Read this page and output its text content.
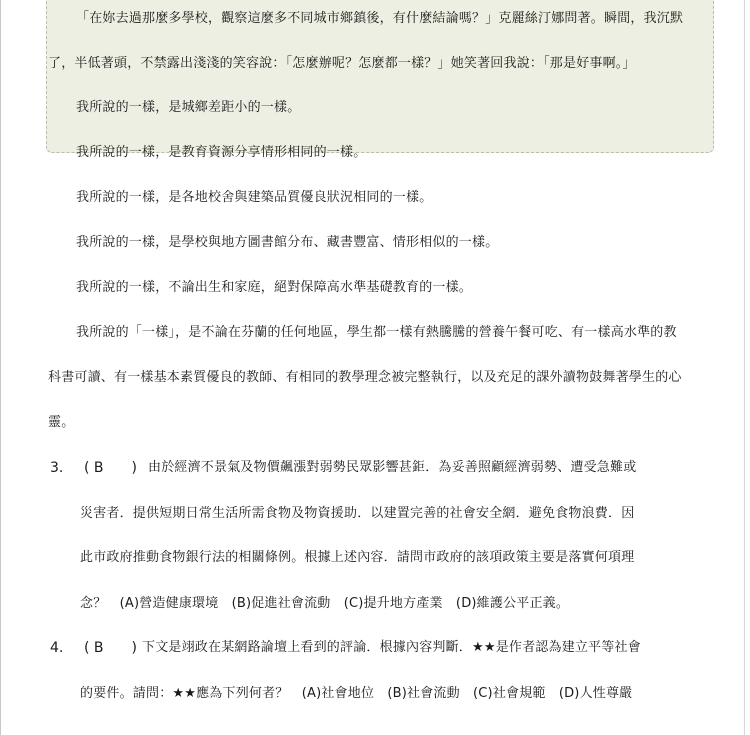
「在妳去過那麼多學校，觀察這麼多不同城市鄉鎮後，有什麼結論嗎？」克麗絲汀娜問著。瞬間，我沉默
了，半低著頭，不禁露出淺淺的笑容說：「怎麼辦呢？怎麼都一樣？」她笑著回我說：「那是好事啊。」
我所說的一樣，是城鄉差距小的一樣。
我所說的一樣，是教育資源分享情形相同的一樣。
我所說的一樣，是各地校舍與建築品質優良狀況相同的一樣。
我所說的一樣，是學校與地方圖書館分布、藏書豐富、情形相似的一樣。
我所說的一樣，不論出生和家庭，絕對保障高水準基礎教育的一樣。
我所說的「一樣」，是不論在芬蘭的任何地區，學生都一樣有熱騰騰的營養午餐可吃、有一樣高水準的教
科書可讀、有一樣基本素質優良的教師、有相同的教學理念被完整執行，以及充足的課外讀物鼓舞著學生的心
靈。
3. ( B　　) 由於經濟不景氣及物價飆漲對弱勢民眾影響甚鉅．為妥善照顧經濟弱勢、遭受急難或
災害者．提供短期日常生活所需食物及物資援助．以建置完善的社會安全網．避免食物浪費．因
此市政府推動食物銀行法的相關條例。根據上述內容．請問市政府的該項政策主要是落實何項理
念？　(A)營造健康環境　(B)促進社會流動　(C)提升地方產業　(D)維護公平正義。
4. ( B　　) 下文是翊政在某網路論壇上看到的評論．根據內容判斷．★★是作者認為建立平等社會
的要件。請問：★★應為下列何者？　(A)社會地位　(B)社會流動　(C)社會規範　(D)人性尊嚴
